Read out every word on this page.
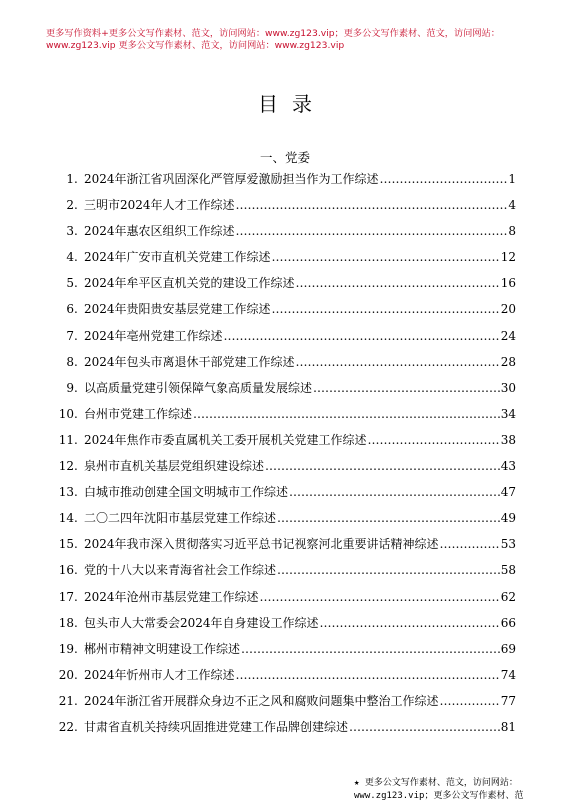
更多写作资料+更多公文写作素材、范文，访问网站：www.zg123.vip；更多公文写作素材、范文，访问网站：
www.zg123.vip 更多公文写作素材、范文，访问网站：www.zg123.vip
目录
一、党委
1 . 2024年浙江省巩固深化严管厚爱激励担当作为工作综述 …………………………………………………………………………………………………………………………………………	1
2 . 三明市2024年人才工作综述 …………………………………………………………………………………………………………………………………………	4
3 . 2024年惠农区组织工作综述 …………………………………………………………………………………………………………………………………………	8
4 . 2024年广安市直机关党建工作综述 …………………………………………………………………………………………………………………………………………	12
5 . 2024年牟平区直机关党的建设工作综述 …………………………………………………………………………………………………………………………………………	16
6 . 2024年贵阳贵安基层党建工作综述 …………………………………………………………………………………………………………………………………………	20
7 . 2024年亳州党建工作综述 …………………………………………………………………………………………………………………………………………	24
8 . 2024年包头市离退休干部党建工作综述 …………………………………………………………………………………………………………………………………………	28
9 . 以高质量党建引领保障气象高质量发展综述 …………………………………………………………………………………………………………………………………………	30
10 . 台州市党建工作综述 …………………………………………………………………………………………………………………………………………	34
11 . 2024年焦作市委直属机关工委开展机关党建工作综述 …………………………………………………………………………………………………………………………………………	38
12 . 泉州市直机关基层党组织建设综述 …………………………………………………………………………………………………………………………………………	43
13 . 白城市推动创建全国文明城市工作综述 …………………………………………………………………………………………………………………………………………	47
14 . 二〇二四年沈阳市基层党建工作综述 …………………………………………………………………………………………………………………………………………	49
15 . 2024年我市深入贯彻落实习近平总书记视察河北重要讲话精神综述 …………………………………………………………………………………………………………………………………………	53
16 . 党的十八大以来青海省社会工作综述 …………………………………………………………………………………………………………………………………………	58
17 . 2024年沧州市基层党建工作综述 …………………………………………………………………………………………………………………………………………	62
18 . 包头市人大常委会2024年自身建设工作综述 …………………………………………………………………………………………………………………………………………	66
19 . 郴州市精神文明建设工作综述 …………………………………………………………………………………………………………………………………………	69
20 . 2024年忻州市人才工作综述 …………………………………………………………………………………………………………………………………………	74
21 . 2024年浙江省开展群众身边不正之风和腐败问题集中整治工作综述 …………………………………………………………………………………………………………………………………………	77
22 . 甘肃省直机关持续巩固推进党建工作品牌创建综述 …………………………………………………………………………………………………………………………………………	81
★ 更多公文写作素材、范文，访问网站：
www.zg123.vip；更多公文写作素材、范
